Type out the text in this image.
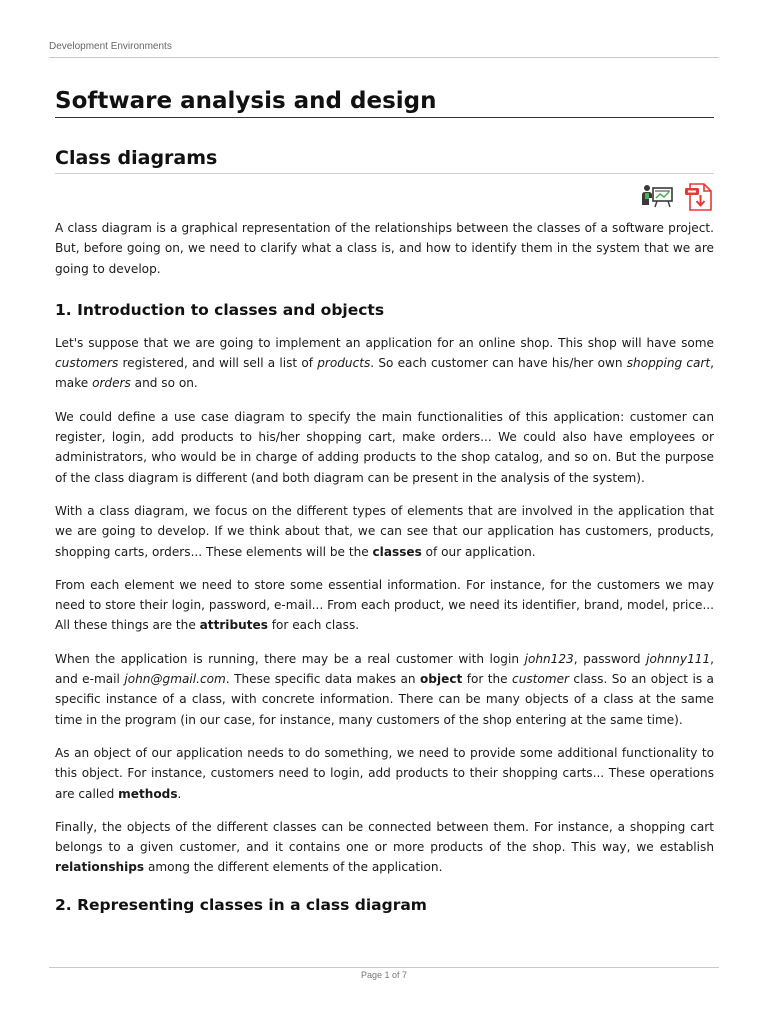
Development Environments
Software analysis and design
Class diagrams

A class diagram is a graphical representation of the relationships between the classes of a software project. But, before going on, we need to clarify what a class is, and how to identify them in the system that we are going to develop.

1. Introduction to classes and objects

Let's suppose that we are going to implement an application for an online shop. This shop will have some customers registered, and will sell a list of products. So each customer can have his/her own shopping cart, make orders and so on.

We could define a use case diagram to specify the main functionalities of this application: customer can register, login, add products to his/her shopping cart, make orders... We could also have employees or administrators, who would be in charge of adding products to the shop catalog, and so on. But the purpose of the class diagram is different (and both diagram can be present in the analysis of the system).

With a class diagram, we focus on the different types of elements that are involved in the application that we are going to develop. If we think about that, we can see that our application has customers, products, shopping carts, orders... These elements will be the classes of our application.

From each element we need to store some essential information. For instance, for the customers we may need to store their login, password, e-mail... From each product, we need its identifier, brand, model, price... All these things are the attributes for each class.

When the application is running, there may be a real customer with login john123, password johnny111, and e-mail john@gmail.com. These specific data makes an object for the customer class. So an object is a specific instance of a class, with concrete information. There can be many objects of a class at the same time in the program (in our case, for instance, many customers of the shop entering at the same time).

As an object of our application needs to do something, we need to provide some additional functionality to this object. For instance, customers need to login, add products to their shopping carts... These operations are called methods.

Finally, the objects of the different classes can be connected between them. For instance, a shopping cart belongs to a given customer, and it contains one or more products of the shop. This way, we establish relationships among the different elements of the application.

2. Representing classes in a class diagram
Page 1 of 7
